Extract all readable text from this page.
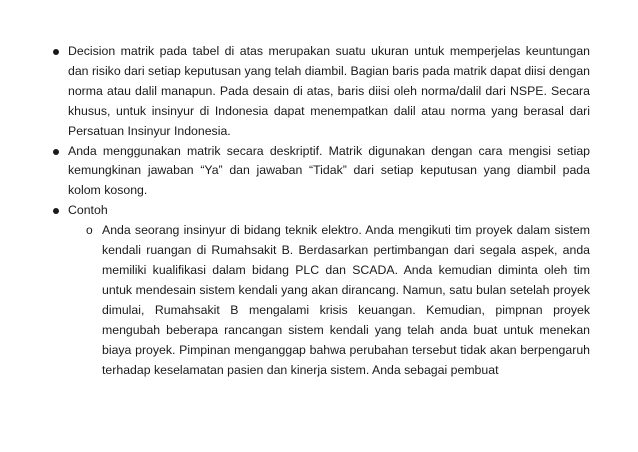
Decision matrik pada tabel di atas merupakan suatu ukuran untuk memperjelas keuntungan dan risiko dari setiap keputusan yang telah diambil. Bagian baris pada matrik dapat diisi dengan norma atau dalil manapun. Pada desain di atas, baris diisi oleh norma/dalil dari NSPE. Secara khusus, untuk insinyur di Indonesia dapat menempatkan dalil atau norma yang berasal dari Persatuan Insinyur Indonesia.
Anda menggunakan matrik secara deskriptif. Matrik digunakan dengan cara mengisi setiap kemungkinan jawaban “Ya” dan jawaban “Tidak” dari setiap keputusan yang diambil pada kolom kosong.
Contoh
o Anda seorang insinyur di bidang teknik elektro. Anda mengikuti tim proyek dalam sistem kendali ruangan di Rumahsakit B. Berdasarkan pertimbangan dari segala aspek, anda memiliki kualifikasi dalam bidang PLC dan SCADA. Anda kemudian diminta oleh tim untuk mendesain sistem kendali yang akan dirancang. Namun, satu bulan setelah proyek dimulai, Rumahsakit B mengalami krisis keuangan. Kemudian, pimpnan proyek mengubah beberapa rancangan sistem kendali yang telah anda buat untuk menekan biaya proyek. Pimpinan menganggap bahwa perubahan tersebut tidak akan berpengaruh terhadap keselamatan pasien dan kinerja sistem. Anda sebagai pembuat
